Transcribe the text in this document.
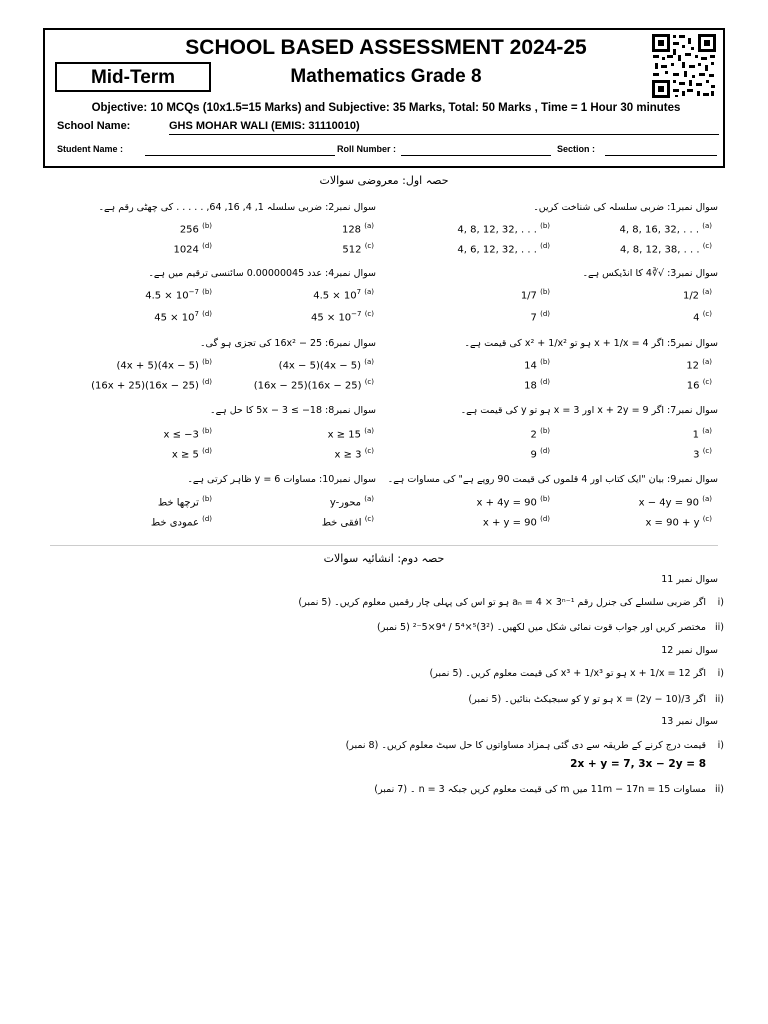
SCHOOL BASED ASSESSMENT 2024-25
Mid-Term	Mathematics Grade 8
Objective: 10 MCQs (10x1.5=15 Marks) and Subjective: 35 Marks, Total: 50 Marks , Time = 1 Hour 30 minutes
School Name:	GHS MOHAR WALI (EMIS: 31110010)
Student Name :	Roll Number :	Section :
حصہ اول: معروضی سوالات
سوال نمبر1: ضربی سلسلہ کی شناخت کریں۔
4, 8, 16, 32, . . . $^{(a)}$
4, 8, 12, 32, . . . $^{(b)}$
4, 8, 12, 38, . . . $^{(c)}$
4, 6, 12, 32, . . . $^{(d)}$
سوال نمبر2: ضربی سلسلہ 1, 4, 16, 64, . . . . . کی چھٹی رقم ہے۔
128 $^{(a)}$
256 $^{(b)}$
512 $^{(c)}$
1024 $^{(d)}$
سوال نمبر3: √∛4 کا انڈیکس ہے۔
1/2 $^{(a)}$
1/7 $^{(b)}$
4 $^{(c)}$
7 $^{(d)}$
سوال نمبر4: عدد 0.00000045 سائنسی ترقیم میں ہے۔
$4.5 \times 10^7$ $^{(a)}$
$4.5 \times 10^{-7}$ $^{(b)}$
$45 \times 10^{-7}$ $^{(c)}$
$45 \times 10^7$ $^{(d)}$
سوال نمبر5: اگر x + 1/x = 4 ہو تو x² + 1/x² کی قیمت ہے۔
12 $^{(a)}$
14 $^{(b)}$
16 $^{(c)}$
18 $^{(d)}$
سوال نمبر6: 16x² − 25 کی تجزی ہو گی۔
(4x − 5)(4x − 5) $^{(a)}$
(4x + 5)(4x − 5) $^{(b)}$
(16x − 25)(16x − 25) $^{(c)}$
(16x + 25)(16x − 25) $^{(d)}$
سوال نمبر7: اگر x + 2y = 9 اور x = 3 ہو تو y کی قیمت ہے۔
1 $^{(a)}$
2 $^{(b)}$
3 $^{(c)}$
9 $^{(d)}$
سوال نمبر8: 5x − 3 ≤ −18 کا حل ہے۔
x ≥ 15 $^{(a)}$
x ≤ −3 $^{(b)}$
x ≥ 3 $^{(c)}$
x ≥ 5 $^{(d)}$
سوال نمبر9: بیان "ایک کتاب اور 4 قلموں کی قیمت 90 روپے ہے" کی مساوات ہے۔
x − 4y = 90 $^{(a)}$
x + 4y = 90 $^{(b)}$
x = 90 + y $^{(c)}$
x + y = 90 $^{(d)}$
سوال نمبر10: مساوات y = 6 ظاہر کرتی ہے۔
y-محور $^{(a)}$
ترچھا خط $^{(b)}$
افقی خط $^{(c)}$
عمودی خط $^{(d)}$
حصہ دوم: انشائیہ سوالات
سوال نمبر 11
(i
اگر ضربی سلسلے کی جنرل رقم aₙ = 4 × 3ⁿ⁻¹ ہو تو اس کی پہلی چار رقمیں معلوم کریں۔ (5 نمبر)
(ii
مختصر کریں اور جواب قوت نمائی شکل میں لکھیں۔ (3²)⁵×5⁴ / 9⁴×5⁻² (5 نمبر)
سوال نمبر 12
(i
اگر x + 1/x = 12 ہو تو x³ + 1/x³ کی قیمت معلوم کریں۔ (5 نمبر)
(ii
اگر x = (2y − 10)/3 ہو تو y کو سبجیکٹ بنائیں۔ (5 نمبر)
سوال نمبر 13
(i
قیمت درج کرنے کے طریقہ سے دی گئی ہمزاد مساواتوں کا حل سیٹ معلوم کریں۔ (8 نمبر)
2x + y = 7, 3x − 2y = 8
(ii
مساوات 11m − 17n = 15 میں m کی قیمت معلوم کریں جبکہ n = 3 ۔ (7 نمبر)
